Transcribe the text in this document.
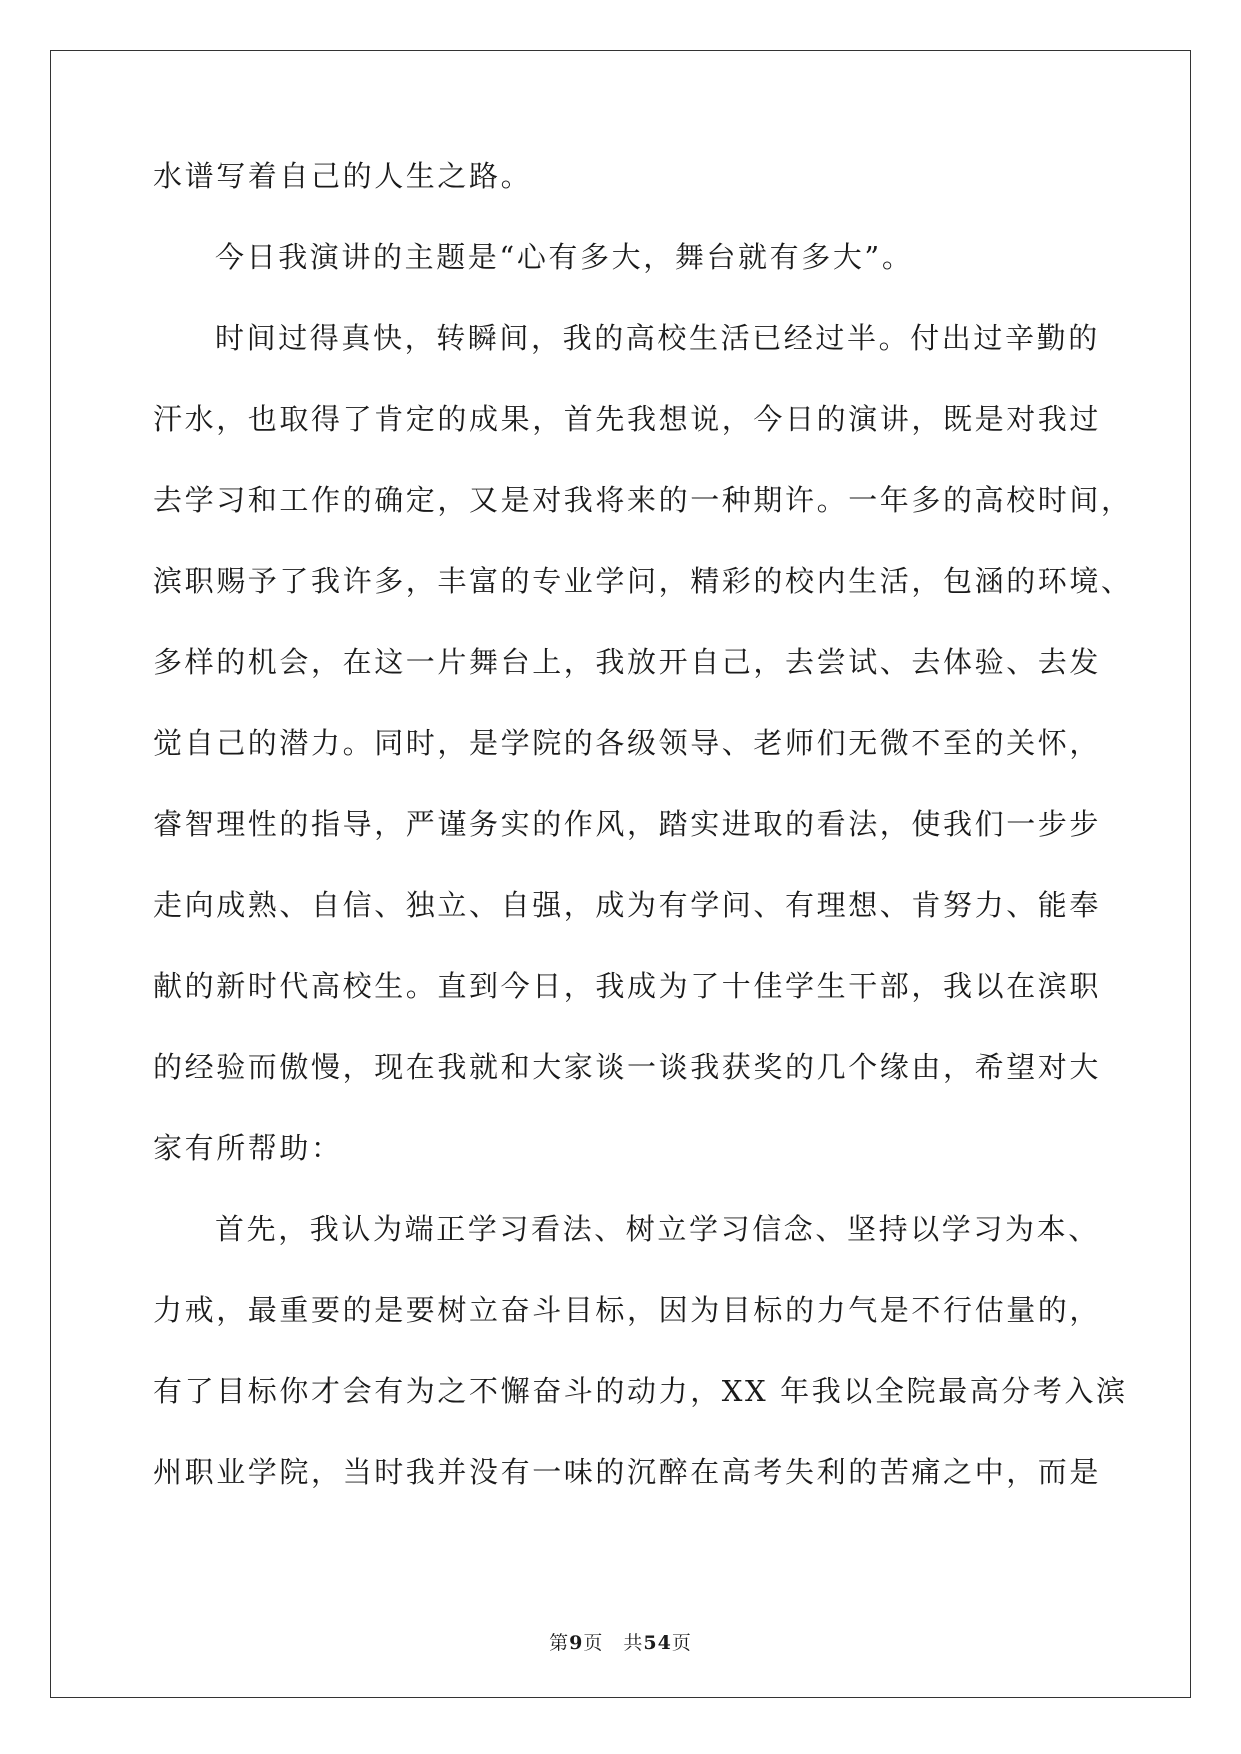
水谱写着自己的人生之路。
今日我演讲的主题是“心有多大，舞台就有多大”。
时间过得真快，转瞬间，我的高校生活已经过半。付出过辛勤的
汗水，也取得了肯定的成果，首先我想说，今日的演讲，既是对我过
去学习和工作的确定，又是对我将来的一种期许。一年多的高校时间，
滨职赐予了我许多，丰富的专业学问，精彩的校内生活，包涵的环境、
多样的机会，在这一片舞台上，我放开自己，去尝试、去体验、去发
觉自己的潜力。同时，是学院的各级领导、老师们无微不至的关怀，
睿智理性的指导，严谨务实的作风，踏实进取的看法，使我们一步步
走向成熟、自信、独立、自强，成为有学问、有理想、肯努力、能奉
献的新时代高校生。直到今日，我成为了十佳学生干部，我以在滨职
的经验而傲慢，现在我就和大家谈一谈我获奖的几个缘由，希望对大
家有所帮助：
首先，我认为端正学习看法、树立学习信念、坚持以学习为本、
力戒，最重要的是要树立奋斗目标，因为目标的力气是不行估量的，
有了目标你才会有为之不懈奋斗的动力，XX 年我以全院最高分考入滨
州职业学院，当时我并没有一味的沉醉在高考失利的苦痛之中，而是
第9页 共54页
